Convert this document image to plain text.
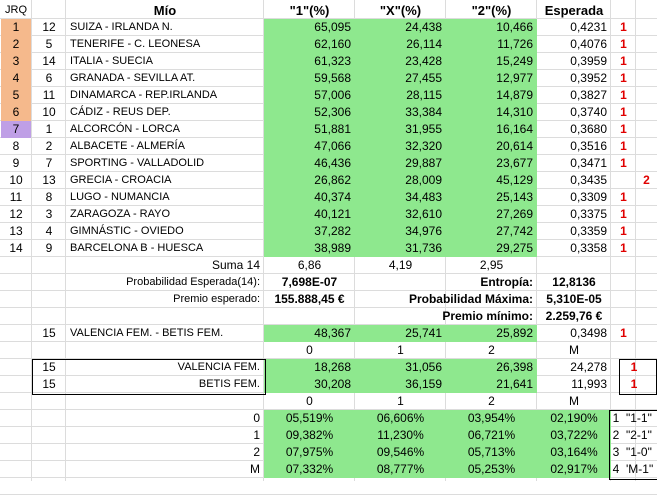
JRQ	Mío	"1"(%)	"X"(%)	"2"(%)	Esperada
1	12	SUIZA - IRLANDA N.	65,095	24,438	10,466	0,4231	1
2	5	TENERIFE - C. LEONESA	62,160	26,114	11,726	0,4076	1
3	14	ITALIA - SUECIA	61,323	23,428	15,249	0,3959	1
4	6	GRANADA - SEVILLA AT.	59,568	27,455	12,977	0,3952	1
5	11	DINAMARCA - REP.IRLANDA	57,006	28,115	14,879	0,3827	1
6	10	CÁDIZ - REUS DEP.	52,306	33,384	14,310	0,3740	1
7	1	ALCORCÓN - LORCA	51,881	31,955	16,164	0,3680	1
8	2	ALBACETE - ALMERÍA	47,066	32,320	20,614	0,3516	1
9	7	SPORTING - VALLADOLID	46,436	29,887	23,677	0,3471	1
10	13	GRECIA - CROACIA	26,862	28,009	45,129	0,3435	2
11	8	LUGO - NUMANCIA	40,374	34,483	25,143	0,3309	1
12	3	ZARAGOZA - RAYO	40,121	32,610	27,269	0,3375	1
13	4	GIMNÁSTIC - OVIEDO	37,282	34,976	27,742	0,3359	1
14	9	BARCELONA B - HUESCA	38,989	31,736	29,275	0,3358	1
Suma 14	6,86	4,19	2,95
Probabilidad Esperada(14):	7,698E-07	Entropía:	12,8136
Premio esperado:	155.888,45 €	Probabilidad Máxima:	5,310E-05
Premio mínimo:	2.259,76 €
15	VALENCIA FEM. - BETIS FEM.	48,367	25,741	25,892	0,3498	1
0	1	2	M
15	VALENCIA FEM.	18,268	31,056	26,398	24,278	1
15	BETIS FEM.	30,208	36,159	21,641	11,993	1
0	1	2	M
0	05,519%	06,606%	03,954%	02,190%	1 "1-1"
1	09,382%	11,230%	06,721%	03,722%	2 "2-1"
2	07,975%	09,546%	05,713%	03,164%	3 "1-0"
M	07,332%	08,777%	05,253%	02,917%	4 'M-1"
